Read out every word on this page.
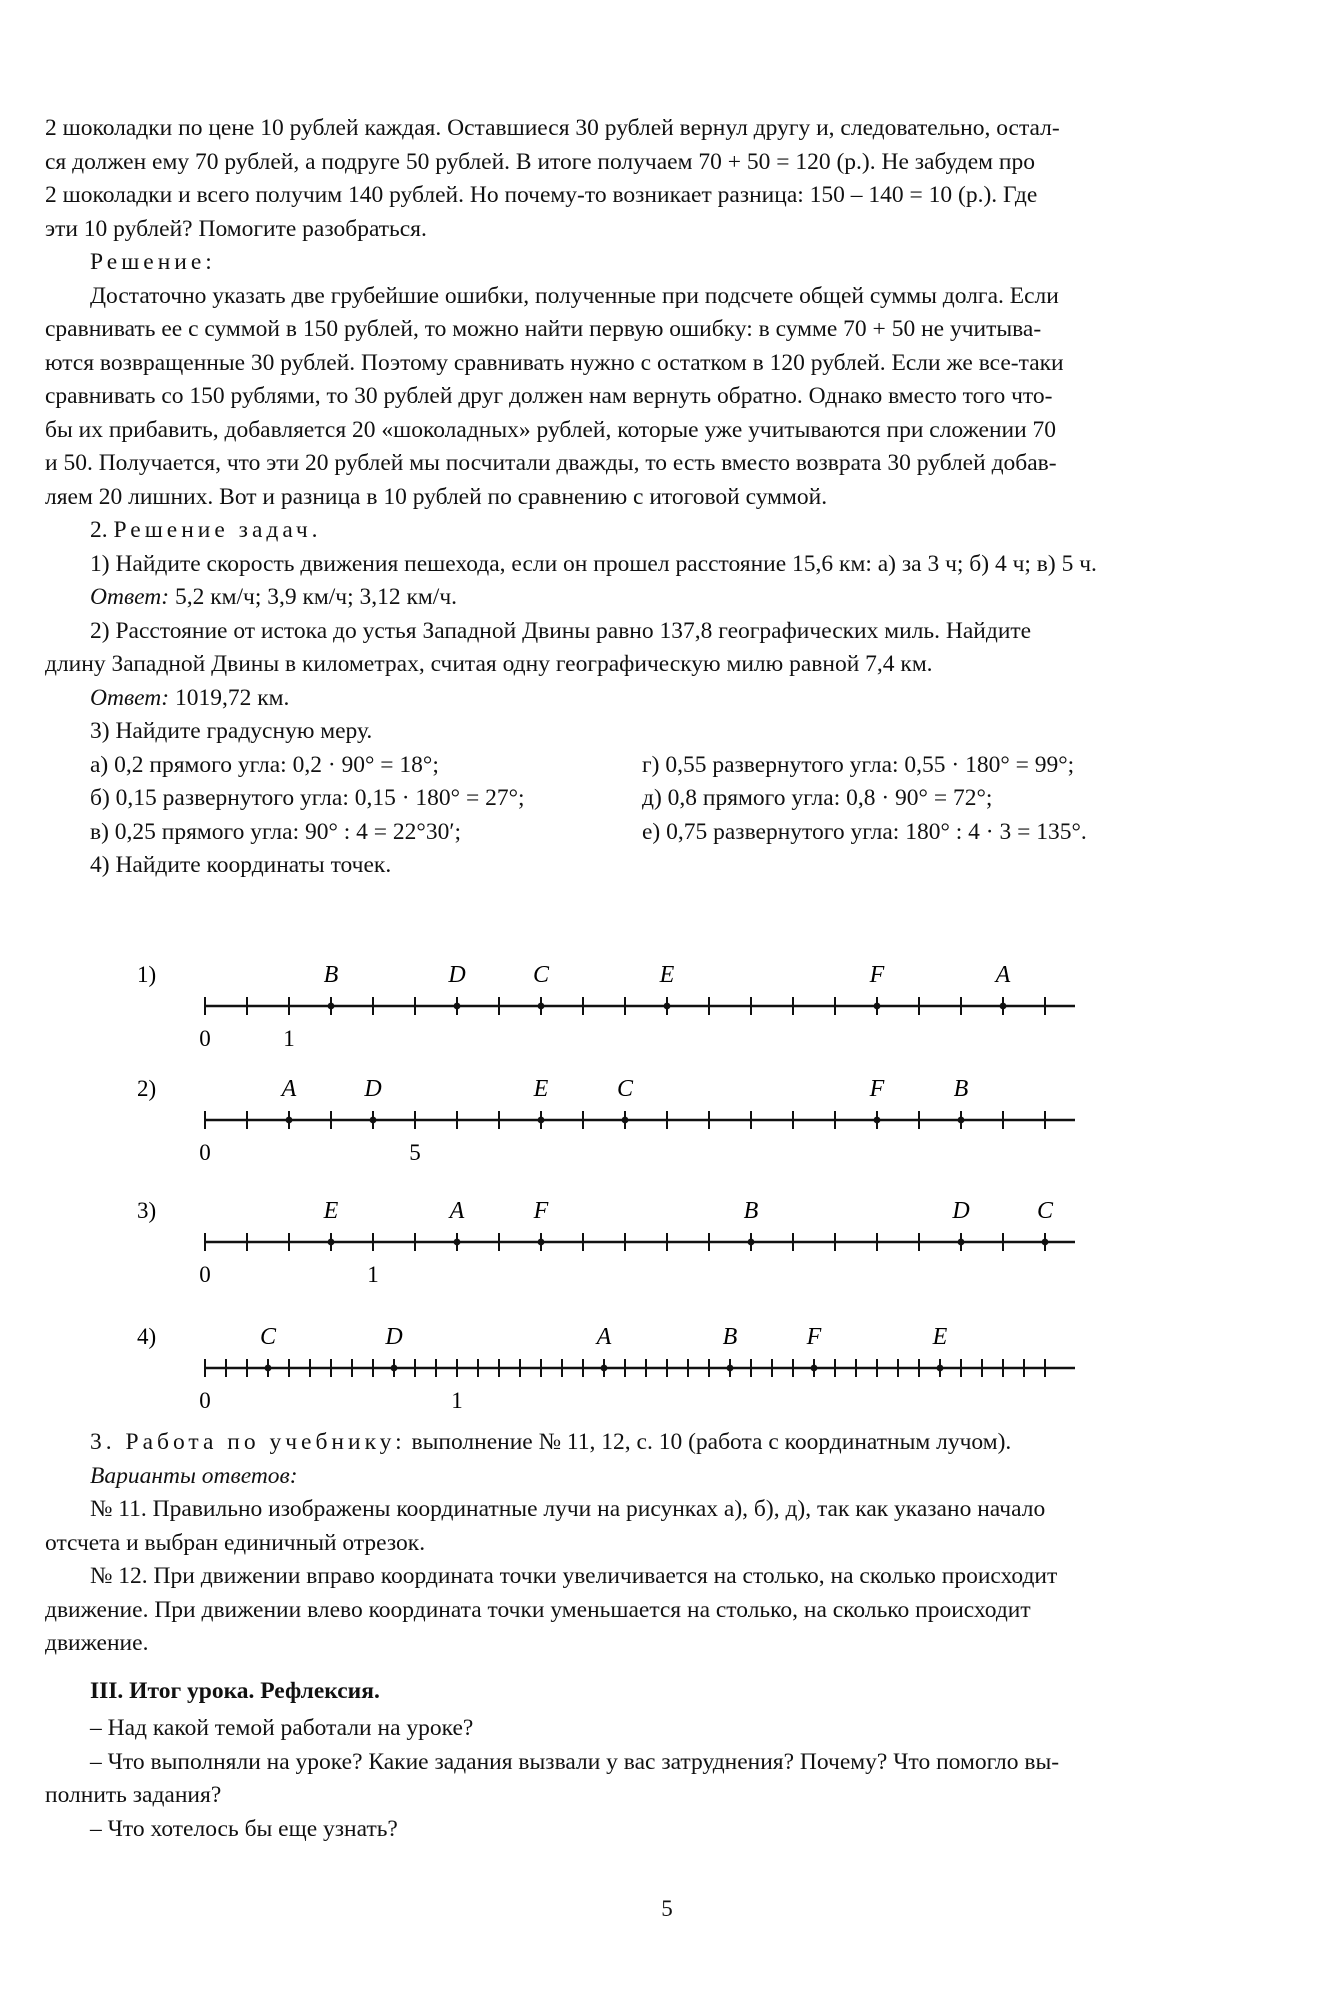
2 шоколадки по цене 10 рублей каждая. Оставшиеся 30 рублей вернул другу и, следовательно, остал-

ся должен ему 70 рублей, а подруге 50 рублей. В итоге получаем 70 + 50 = 120 (р.). Не забудем про

2 шоколадки и всего получим 140 рублей. Но почему-то возникает разница: 150 – 140 = 10 (р.). Где

эти 10 рублей? Помогите разобраться.

Решение:

Достаточно указать две грубейшие ошибки, полученные при подсчете общей суммы долга. Если

сравнивать ее с суммой в 150 рублей, то можно найти первую ошибку: в сумме 70 + 50 не учитыва-

ются возвращенные 30 рублей. Поэтому сравнивать нужно с остатком в 120 рублей. Если же все-таки

сравнивать со 150 рублями, то 30 рублей друг должен нам вернуть обратно. Однако вместо того что-

бы их прибавить, добавляется 20 «шоколадных» рублей, которые уже учитываются при сложении 70

и 50. Получается, что эти 20 рублей мы посчитали дважды, то есть вместо возврата 30 рублей добав-

ляем 20 лишних. Вот и разница в 10 рублей по сравнению с итоговой суммой.

2. Решение задач.

1) Найдите скорость движения пешехода, если он прошел расстояние 15,6 км: а) за 3 ч; б) 4 ч; в) 5 ч.

Ответ: 5,2 км/ч; 3,9 км/ч; 3,12 км/ч.

2) Расстояние от истока до устья Западной Двины равно 137,8 географических миль. Найдите

длину Западной Двины в километрах, считая одну географическую милю равной 7,4 км.

Ответ: 1019,72 км.

3) Найдите градусную меру.

а) 0,2 прямого угла: 0,2 · 90° = 18°;	г) 0,55 развернутого угла: 0,55 · 180° = 99°;
б) 0,15 развернутого угла: 0,15 · 180° = 27°;	д) 0,8 прямого угла: 0,8 · 90° = 72°;
в) 0,25 прямого угла: 90° : 4 = 22°30′;	е) 0,75 развернутого угла: 180° : 4 · 3 = 135°.

4) Найдите координаты точек.

1)	B	D	C	E	F	A
0	1
2)	A	D	E	C	F	B
0	5
3)	E	A	F	B	D	C
0	1
4)	C	D	A	B	F	E
0	1

3. Работа по учебнику: выполнение № 11, 12, с. 10 (работа с координатным лучом).

Варианты ответов:

№ 11. Правильно изображены координатные лучи на рисунках а), б), д), так как указано начало

отсчета и выбран единичный отрезок.

№ 12. При движении вправо координата точки увеличивается на столько, на сколько происходит

движение. При движении влево координата точки уменьшается на столько, на сколько происходит

движение.

III. Итог урока. Рефлексия.

– Над какой темой работали на уроке?

– Что выполняли на уроке? Какие задания вызвали у вас затруднения? Почему? Что помогло вы-

полнить задания?

– Что хотелось бы еще узнать?

5
